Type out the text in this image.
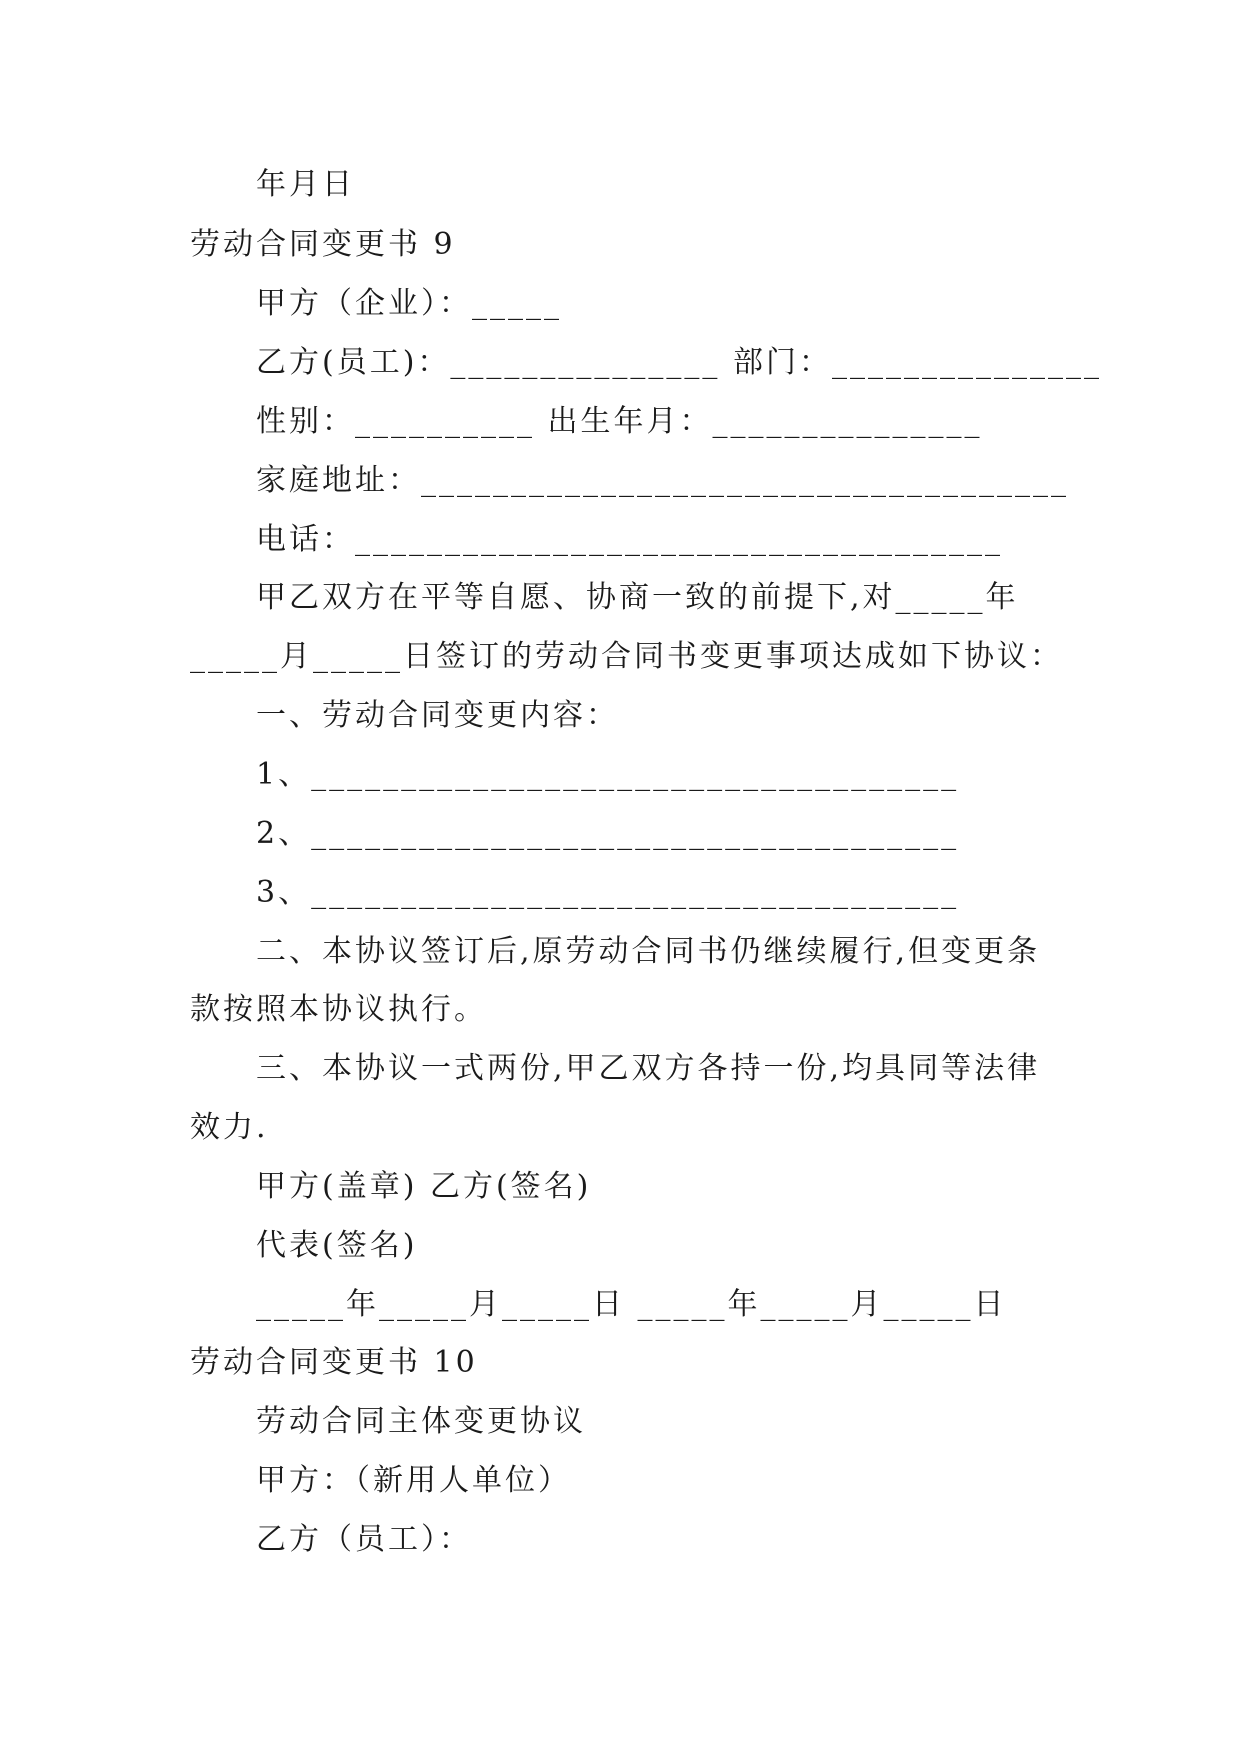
年月日
劳动合同变更书 9
甲方（企业）：_____
乙方(员工)：_______________ 部门：_______________
性别：__________ 出生年月：_______________
家庭地址：____________________________________
电话：____________________________________
甲乙双方在平等自愿、协商一致的前提下,对_____年
_____月_____日签订的劳动合同书变更事项达成如下协议：
一、劳动合同变更内容：
1、____________________________________
2、____________________________________
3、____________________________________
二、本协议签订后,原劳动合同书仍继续履行,但变更条
款按照本协议执行。
三、本协议一式两份,甲乙双方各持一份,均具同等法律
效力.
甲方(盖章) 乙方(签名)
代表(签名)
_____年_____月_____日 _____年_____月_____日
劳动合同变更书 10
劳动合同主体变更协议
甲方：（新用人单位）
乙方（员工）：
